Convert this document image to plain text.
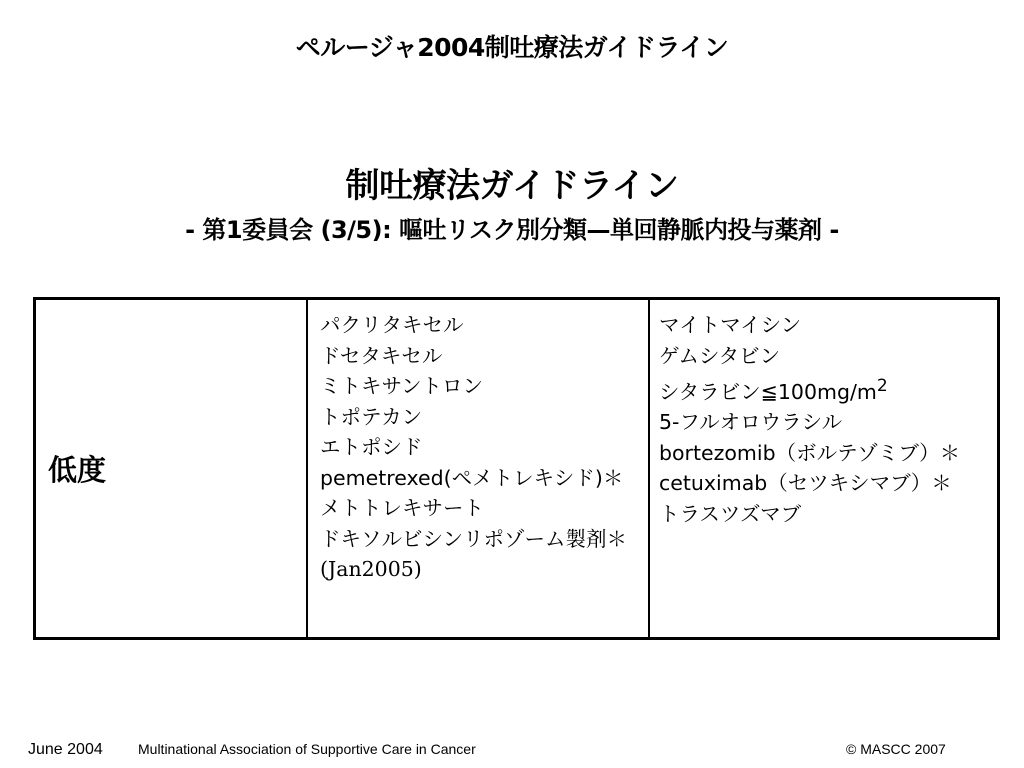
ペルージャ2004制吐療法ガイドライン
制吐療法ガイドライン
- 第1委員会 (3/5): 嘔吐リスク別分類—単回静脈内投与薬剤 -
低度
パクリタキセル
ドセタキセル
ミトキサントロン
トポテカン
エトポシド
pemetrexed(ペメトレキシド)＊
メトトレキサート
ドキソルビシンリポゾーム製剤＊ (Jan2005)
マイトマイシン
ゲムシタビン
シタラビン$≦100mg/m^2$
5-フルオロウラシル
bortezomib（ボルテゾミブ）＊
cetuximab（セツキシマブ）＊
トラスツズマブ
June 2004	Multinational Association of Supportive Care in Cancer	© MASCC 2007
